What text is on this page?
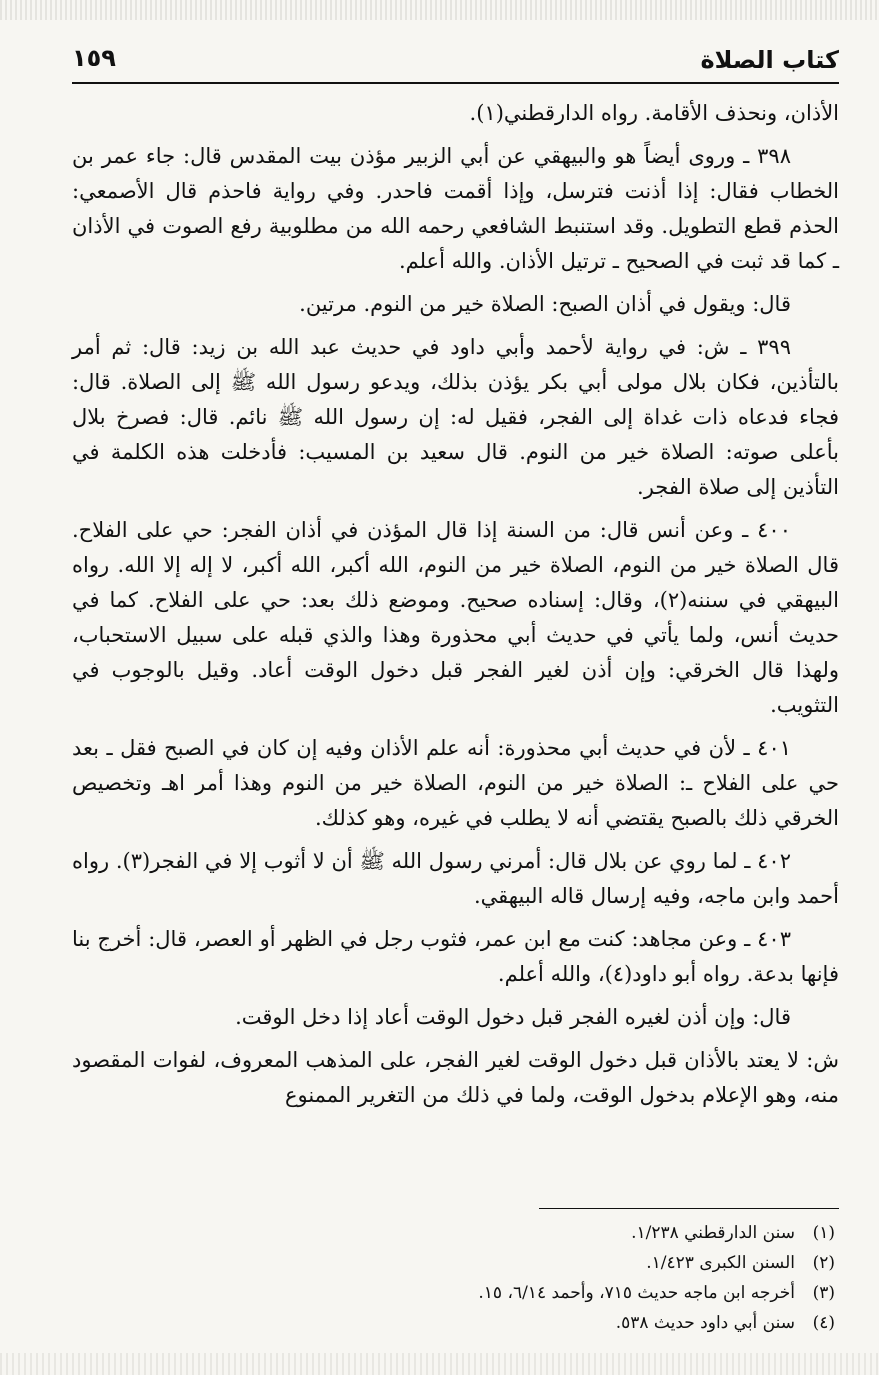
كتاب الصلاة
١٥٩

الأذان، ونحذف الأقامة. رواه الدارقطني(١).

٣٩٨ ـ وروى أيضاً هو والبيهقي عن أبي الزبير مؤذن بيت المقدس قال: جاء عمر بن الخطاب فقال: إذا أذنت فترسل، وإذا أقمت فاحدر. وفي رواية فاحذم قال الأصمعي: الحذم قطع التطويل. وقد استنبط الشافعي رحمه الله من مطلوبية رفع الصوت في الأذان ـ كما قد ثبت في الصحيح ـ ترتيل الأذان. والله أعلم.

قال: ويقول في أذان الصبح: الصلاة خير من النوم. مرتين.

٣٩٩ ـ ش: في رواية لأحمد وأبي داود في حديث عبد الله بن زيد: قال: ثم أمر بالتأذين، فكان بلال مولى أبي بكر يؤذن بذلك، ويدعو رسول الله ﷺ إلى الصلاة. قال: فجاء فدعاه ذات غداة إلى الفجر، فقيل له: إن رسول الله ﷺ نائم. قال: فصرخ بلال بأعلى صوته: الصلاة خير من النوم. قال سعيد بن المسيب: فأدخلت هذه الكلمة في التأذين إلى صلاة الفجر.

٤٠٠ ـ وعن أنس قال: من السنة إذا قال المؤذن في أذان الفجر: حي على الفلاح. قال الصلاة خير من النوم، الصلاة خير من النوم، الله أكبر، الله أكبر، لا إله إلا الله. رواه البيهقي في سننه(٢)، وقال: إسناده صحيح. وموضع ذلك بعد: حي على الفلاح. كما في حديث أنس، ولما يأتي في حديث أبي محذورة وهذا والذي قبله على سبيل الاستحباب، ولهذا قال الخرقي: وإن أذن لغير الفجر قبل دخول الوقت أعاد. وقيل بالوجوب في التثويب.

٤٠١ ـ لأن في حديث أبي محذورة: أنه علم الأذان وفيه إن كان في الصبح فقل ـ بعد حي على الفلاح ـ: الصلاة خير من النوم، الصلاة خير من النوم وهذا أمر اهـ وتخصيص الخرقي ذلك بالصبح يقتضي أنه لا يطلب في غيره، وهو كذلك.

٤٠٢ ـ لما روي عن بلال قال: أمرني رسول الله ﷺ أن لا أثوب إلا في الفجر(٣). رواه أحمد وابن ماجه، وفيه إرسال قاله البيهقي.

٤٠٣ ـ وعن مجاهد: كنت مع ابن عمر، فثوب رجل في الظهر أو العصر، قال: أخرج بنا فإنها بدعة. رواه أبو داود(٤)، والله أعلم.

قال: وإن أذن لغيره الفجر قبل دخول الوقت أعاد إذا دخل الوقت.

ش: لا يعتد بالأذان قبل دخول الوقت لغير الفجر، على المذهب المعروف، لفوات المقصود منه، وهو الإعلام بدخول الوقت، ولما في ذلك من التغرير الممنوع

(١)سنن الدارقطني ١/٢٣٨.

(٢)السنن الكبرى ١/٤٢٣.

(٣)أخرجه ابن ماجه حديث ٧١٥، وأحمد ٦/١٤، ١٥.

(٤)سنن أبي داود حديث ٥٣٨.
